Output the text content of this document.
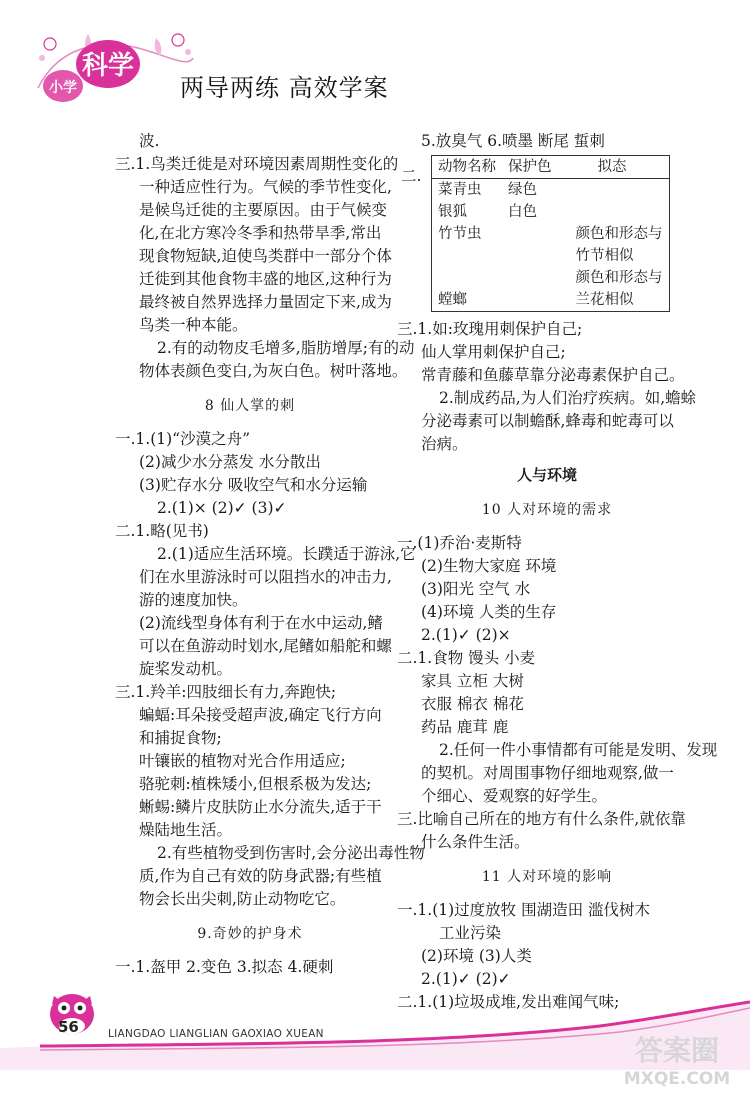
小学
科学
两导两练 高效学案
波.
三.1.鸟类迁徙是对环境因素周期性变化的
一种适应性行为。气候的季节性变化,
是候鸟迁徙的主要原因。由于气候变
化,在北方寒冷冬季和热带旱季,常出
现食物短缺,迫使鸟类群中一部分个体
迁徙到其他食物丰盛的地区,这种行为
最终被自然界选择力量固定下来,成为
鸟类一种本能。
2.有的动物皮毛增多,脂肪增厚;有的动
物体表颜色变白,为灰白色。树叶落地。
8 仙人掌的刺
一.1.(1)“沙漠之舟”
(2)减少水分蒸发 水分散出
(3)贮存水分 吸收空气和水分运输
2.(1)× (2)✓ (3)✓
二.1.略(见书)
2.(1)适应生活环境。长蹼适于游泳,它
们在水里游泳时可以阻挡水的冲击力,
游的速度加快。
(2)流线型身体有利于在水中运动,鳍
可以在鱼游动时划水,尾鳍如船舵和螺
旋桨发动机。
三.1.羚羊:四肢细长有力,奔跑快;
蝙蝠:耳朵接受超声波,确定飞行方向
和捕捉食物;
叶镶嵌的植物对光合作用适应;
骆驼刺:植株矮小,但根系极为发达;
蜥蜴:鳞片皮肤防止水分流失,适于干
燥陆地生活。
2.有些植物受到伤害时,会分泌出毒性物
质,作为自己有效的防身武器;有些植
物会长出尖刺,防止动物吃它。
9.奇妙的护身术
一.1.盔甲 2.变色 3.拟态 4.硬刺
5.放臭气 6.喷墨 断尾 蜇刺
二. 动物名称	保护色	拟态
菜青虫	绿色	
银狐	白色	
竹节虫		颜色和形态与
		竹节相似
		颜色和形态与
螳螂		兰花相似
三.1.如:玫瑰用刺保护自己;
仙人掌用刺保护自己;
常青藤和鱼藤草靠分泌毒素保护自己。
2.制成药品,为人们治疗疾病。如,蟾蜍
分泌毒素可以制蟾酥,蜂毒和蛇毒可以
治病。
人与环境
10 人对环境的需求
一.(1)乔治·麦斯特
(2)生物大家庭 环境
(3)阳光 空气 水
(4)环境 人类的生存
2.(1)✓ (2)×
二.1.食物 馒头 小麦
家具 立柜 大树
衣服 棉衣 棉花
药品 鹿茸 鹿
2.任何一件小事情都有可能是发明、发现
的契机。对周围事物仔细地观察,做一
个细心、爱观察的好学生。
三.比喻自己所在的地方有什么条件,就依靠
什么条件生活。
11 人对环境的影响
一.1.(1)过度放牧 围湖造田 滥伐树木
工业污染
(2)环境 (3)人类
2.(1)✓ (2)✓
二.1.(1)垃圾成堆,发出难闻气味;
56	LIANGDAO LIANGLIAN GAOXIAO XUEAN	答案圈
MXQE.COM
